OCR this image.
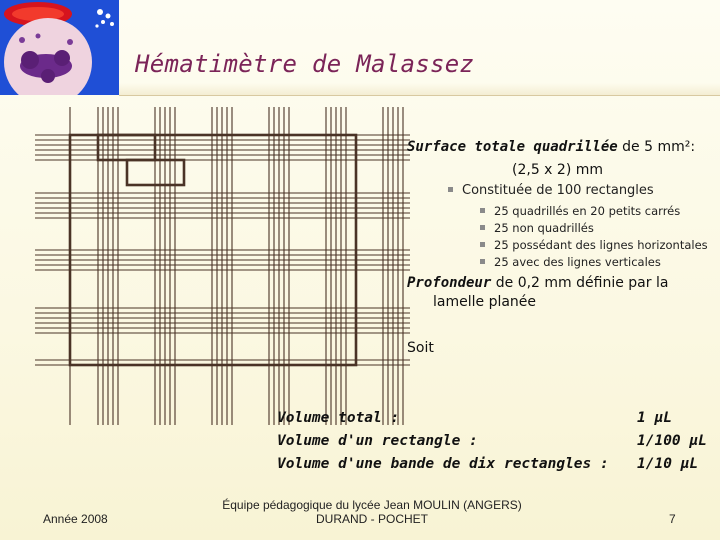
Hématimètre de Malassez
Surface totale quadrillée de 5 mm²:
(2,5 x 2) mm
Constituée de 100 rectangles
25 quadrillés en 20 petits carrés
25 non quadrillés
25 possédant des lignes horizontales
25 avec des lignes verticales
Profondeur de 0,2 mm définie par la
lamelle planée
Soit
Volume total :
Volume d'un rectangle :
Volume d'une bande de dix rectangles :
1 µL
1/100 µL
1/10 µL
Année 2008
Équipe pédagogique du lycée Jean MOULIN (ANGERS)
DURAND - POCHET	7
